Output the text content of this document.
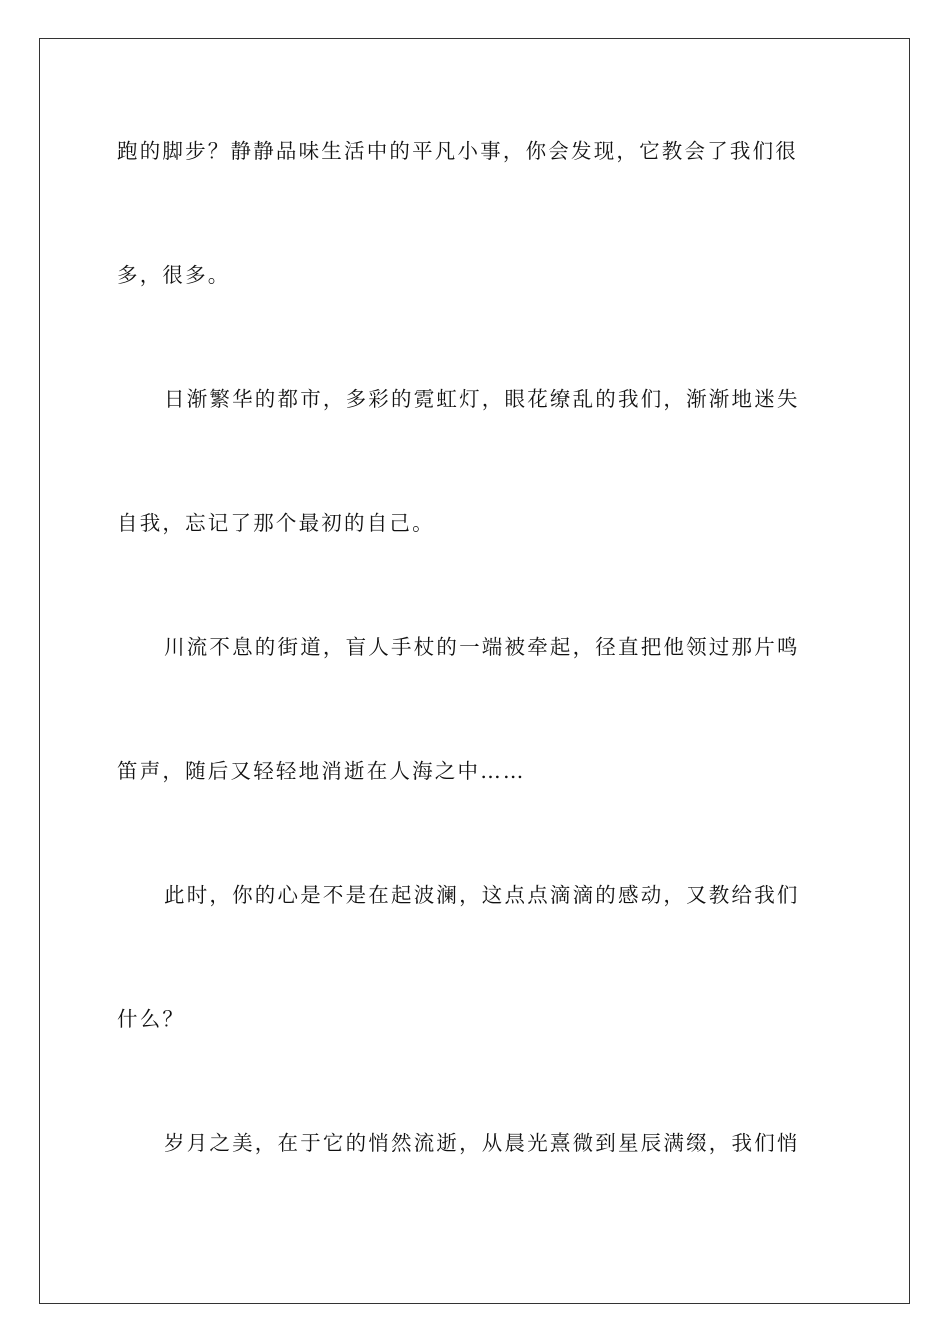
跑的脚步？静静品味生活中的平凡小事，你会发现，它教会了我们很
多，很多。
日渐繁华的都市，多彩的霓虹灯，眼花缭乱的我们，渐渐地迷失
自我，忘记了那个最初的自己。
川流不息的街道，盲人手杖的一端被牵起，径直把他领过那片鸣
笛声，随后又轻轻地消逝在人海之中……
此时，你的心是不是在起波澜，这点点滴滴的感动，又教给我们
什么？
岁月之美，在于它的悄然流逝，从晨光熹微到星辰满缀，我们悄
